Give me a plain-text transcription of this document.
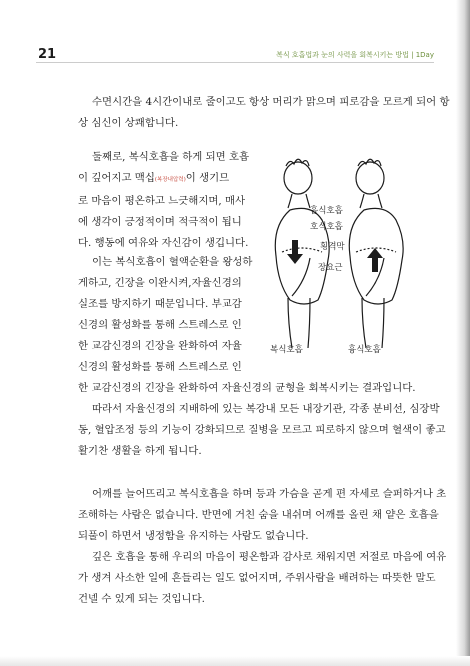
21	복식 호흡법과 눈의 사력을 회복시키는 방법 | 1Day
수면시간을 4시간이내로 줄이고도 항상 머리가 맑으며 피로감을 모르게 되어 항
상 심신이 상쾌합니다.
둘째로, 복식호흡을 하게 되면 호흡
이 깊어지고 맥십(복장내압력)이 생기므
로 마음이 평온하고 느긋해지며, 매사
에 생각이 긍정적이며 적극적이 됩니
다. 행동에 여유와 자신감이 생깁니다.
이는 복식호흡이 혈액순환을 왕성하
게하고, 긴장을 이완시켜,자율신경의
실조를 방지하기 때문입니다. 부교감
신경의 활성화를 통해 스트레스로 인
한 교감신경의 긴장을 완화하여 자율
신경의 활성화를 통해 스트레스로 인
한 교감신경의 긴장을 완화하여 자율신경의 균형을 회복시키는 결과입니다.
따라서 자율신경의 지배하에 있는 복강내 모든 내장기관, 각종 분비선, 심장박
동, 혈압조정 등의 기능이 강화되므로 질병을 모르고 피로하지 않으며 혈색이 좋고
활기찬 생활을 하게 됩니다.
어깨를 늘어뜨리고 복식호흡을 하며 등과 가슴을 곧게 편 자세로 슬퍼하거나 초
조해하는 사람은 없습니다. 반면에 거친 숨을 내쉬며 어깨를 올린 채 얕은 호흡을
되풀이 하면서 냉정함을 유지하는 사람도 없습니다.
깊은 호흡을 통해 우리의 마음이 평온함과 감사로 채워지면 저절로 마음에 여유
가 생겨 사소한 일에 흔들리는 일도 없어지며, 주위사람을 배려하는 따뜻한 말도
건넬 수 있게 되는 것입니다.
흡식호흡
호식호흡
횡격막
장요근
복식호흡	흉식호흡
